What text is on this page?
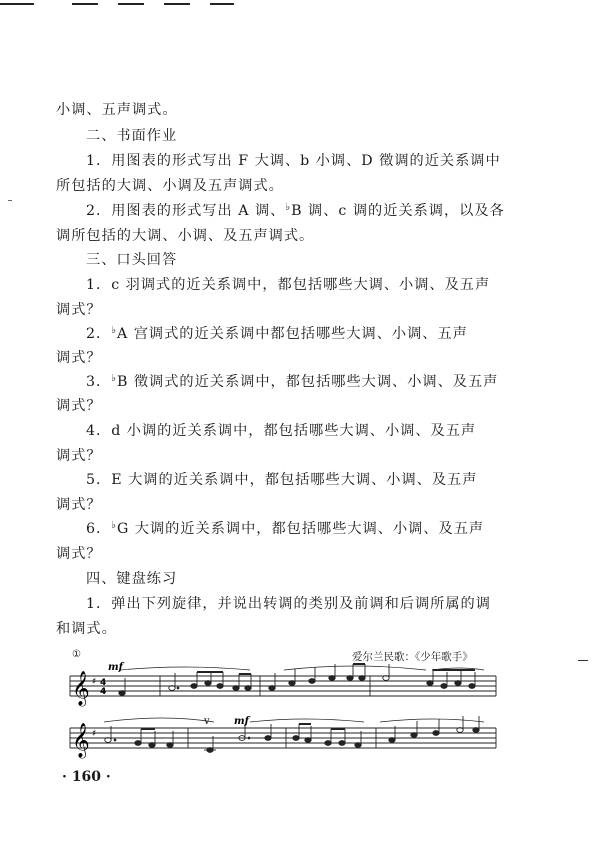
小调、五声调式。
二、书面作业
1．用图表的形式写出 F 大调、b 小调、D 徵调的近关系调中
所包括的大调、小调及五声调式。
2．用图表的形式写出 A 调、♭B 调、c 调的近关系调，以及各
调所包括的大调、小调、及五声调式。
三、口头回答
1．c 羽调式的近关系调中，都包括哪些大调、小调、及五声
调式？
2．♭A 宫调式的近关系调中都包括哪些大调、小调、五声
调式？
3．♭B 徵调式的近关系调中，都包括哪些大调、小调、及五声
调式？
4．d 小调的近关系调中，都包括哪些大调、小调、及五声
调式？
5．E 大调的近关系调中，都包括哪些大调、小调、及五声
调式？
6．♭G 大调的近关系调中，都包括哪些大调、小调、及五声
调式？
四、键盘练习
1．弹出下列旋律，并说出转调的类别及前调和后调所属的调
和调式。
①	爱尔兰民歌：《少年歌手》
𝄞 ♯ 4
4
mf
𝄞 ♯
v mf
· 160 ·
